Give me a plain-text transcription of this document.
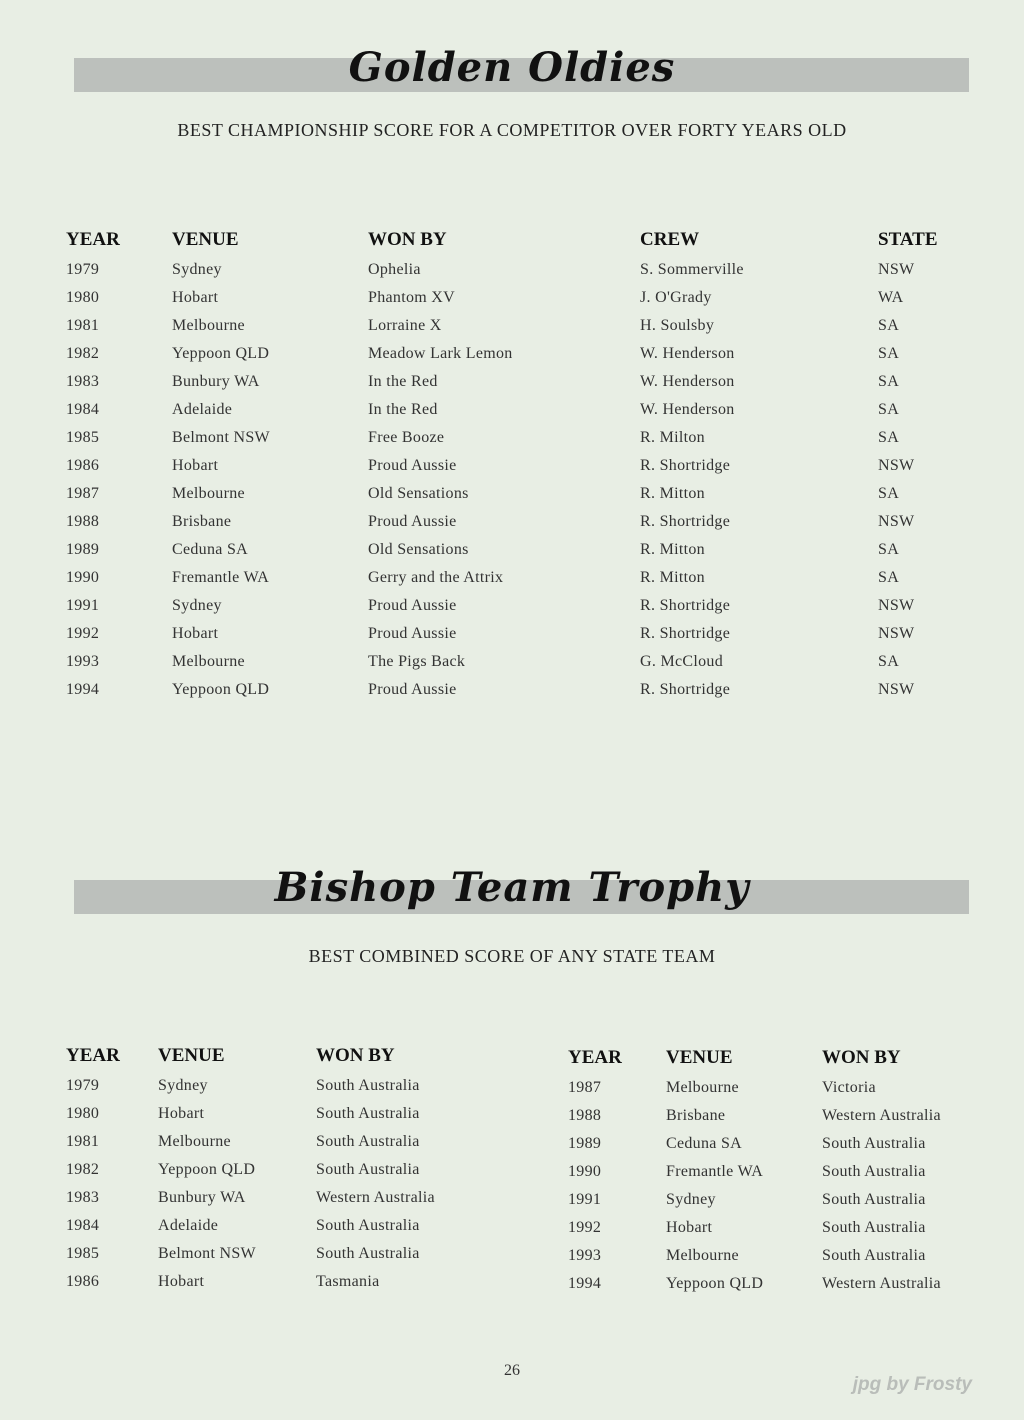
Golden Oldies
BEST CHAMPIONSHIP SCORE FOR A COMPETITOR OVER FORTY YEARS OLD
YEAR	VENUE	WON BY	CREW	STATE
1979	Sydney	Ophelia	S. Sommerville	NSW
1980	Hobart	Phantom XV	J. O'Grady	WA
1981	Melbourne	Lorraine X	H. Soulsby	SA
1982	Yeppoon QLD	Meadow Lark Lemon	W. Henderson	SA
1983	Bunbury WA	In the Red	W. Henderson	SA
1984	Adelaide	In the Red	W. Henderson	SA
1985	Belmont NSW	Free Booze	R. Milton	SA
1986	Hobart	Proud Aussie	R. Shortridge	NSW
1987	Melbourne	Old Sensations	R. Mitton	SA
1988	Brisbane	Proud Aussie	R. Shortridge	NSW
1989	Ceduna SA	Old Sensations	R. Mitton	SA
1990	Fremantle WA	Gerry and the Attrix	R. Mitton	SA
1991	Sydney	Proud Aussie	R. Shortridge	NSW
1992	Hobart	Proud Aussie	R. Shortridge	NSW
1993	Melbourne	The Pigs Back	G. McCloud	SA
1994	Yeppoon QLD	Proud Aussie	R. Shortridge	NSW
Bishop Team Trophy
BEST COMBINED SCORE OF ANY STATE TEAM
YEAR	VENUE	WON BY
1979	Sydney	South Australia
1980	Hobart	South Australia
1981	Melbourne	South Australia
1982	Yeppoon QLD	South Australia
1983	Bunbury WA	Western Australia
1984	Adelaide	South Australia
1985	Belmont NSW	South Australia
1986	Hobart	Tasmania
YEAR	VENUE	WON BY
1987	Melbourne	Victoria
1988	Brisbane	Western Australia
1989	Ceduna SA	South Australia
1990	Fremantle WA	South Australia
1991	Sydney	South Australia
1992	Hobart	South Australia
1993	Melbourne	South Australia
1994	Yeppoon QLD	Western Australia
26
jpg by Frosty
